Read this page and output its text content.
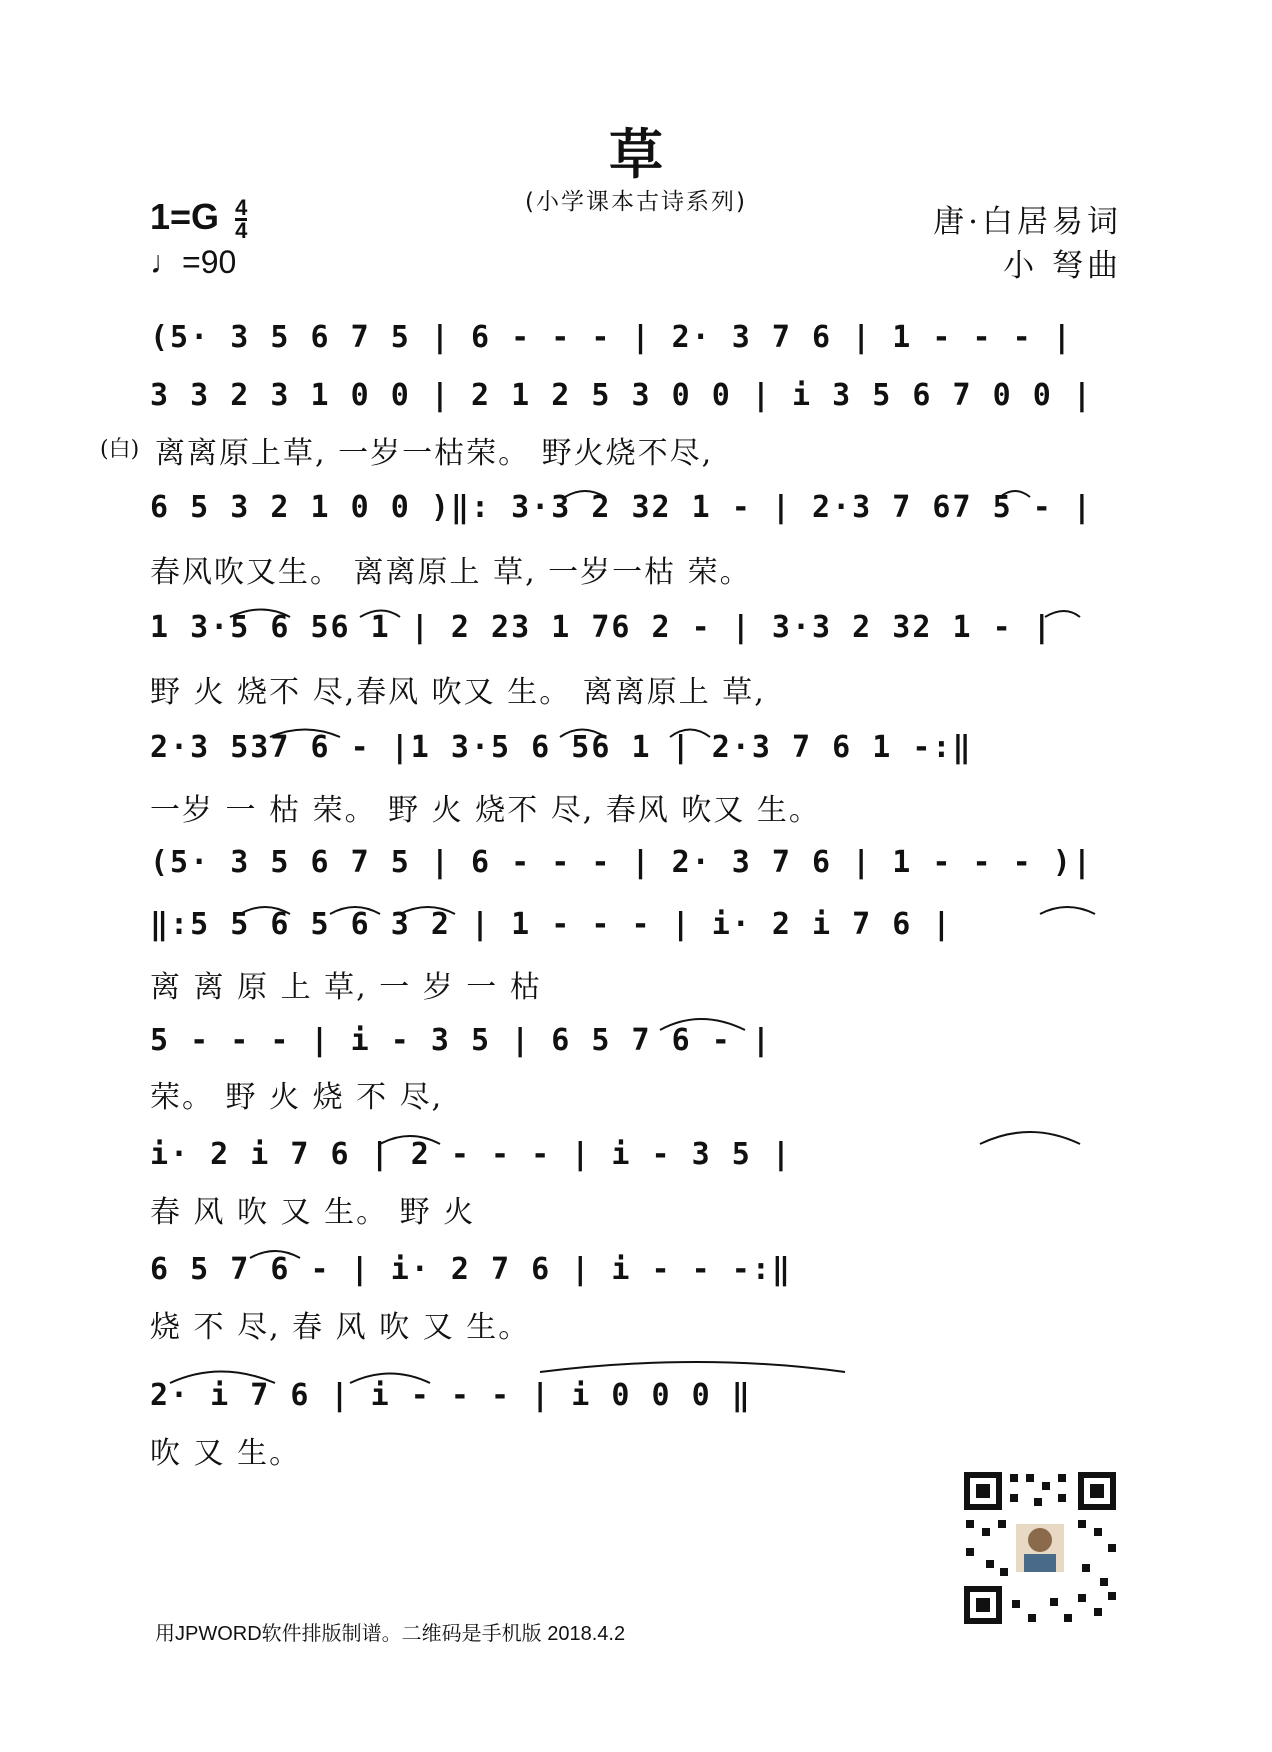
草
(小学课本古诗系列)
$1=G \frac{4}{4}$
♩=90
唐·白居易词
小 弩曲
(5· 3 5 6 7 5 | 6 - - - | 2· 3 7 6 | 1 - - - |
3 3 2 3 1 0 0 | 2 1 2 5 3 0 0 | i 3 5 6 7 0 0 |
(白) 离离原上草, 一岁一枯荣。 野火烧不尽,
6 5 3 2 1 0 0 )‖: 3·3 2 32 1 - | 2·3 7 67 5 - |
春风吹又生。 离离原上 草, 一岁一枯 荣。
1 3·5 6 56 1 | 2 23 1 76 2 - | 3·3 2 32 1 - |
野 火 烧不 尽,春风 吹又 生。 离离原上 草,
2·3 537 6 - |1 3·5 6 56 1 | 2·3 7 6 1 -:‖
一岁 一 枯 荣。 野 火 烧不 尽, 春风 吹又 生。
(5· 3 5 6 7 5 | 6 - - - | 2· 3 7 6 | 1 - - - )|
‖:5 5 6 5 6 3 2 | 1 - - - | i· 2 i 7 6 |
离 离 原 上 草, 一 岁 一 枯
5 - - - | i - 3 5 | 6 5 7 6 - |
荣。 野 火 烧 不 尽,
i· 2 i 7 6 | 2 - - - | i - 3 5 |
春 风 吹 又 生。 野 火
6 5 7 6 - | i· 2 7 6 | i - - -:‖
烧 不 尽, 春 风 吹 又 生。
2· i 7 6 | i - - - | i 0 0 0 ‖
吹 又 生。
用JPWORD软件排版制谱。二维码是手机版 2018.4.2
